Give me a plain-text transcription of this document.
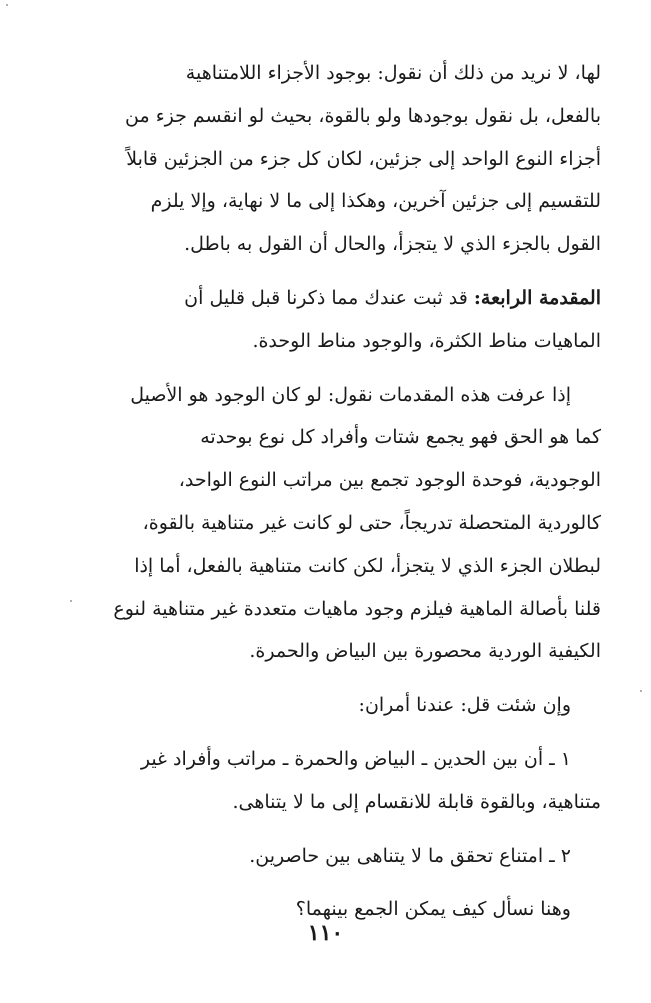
لها، لا نريد من ذلك أن نقول: بوجود الأجزاء اللامتناهية
بالفعل، بل نقول بوجودها ولو بالقوة، بحيث لو انقسم جزء من
أجزاء النوع الواحد إلى جزئين، لكان كل جزء من الجزئين قابلاً
للتقسيم إلى جزئين آخرين، وهكذا إلى ما لا نهاية، وإلا يلزم
القول بالجزء الذي لا يتجزأ، والحال أن القول به باطل.
المقدمة الرابعة: قد ثبت عندك مما ذكرنا قبل قليل أن
الماهيات مناط الكثرة، والوجود مناط الوحدة.
إذا عرفت هذه المقدمات نقول: لو كان الوجود هو الأصيل
كما هو الحق فهو يجمع شتات وأفراد كل نوع بوحدته
الوجودية، فوحدة الوجود تجمع بين مراتب النوع الواحد،
كالوردية المتحصلة تدريجاً، حتى لو كانت غير متناهية بالقوة،
لبطلان الجزء الذي لا يتجزأ، لكن كانت متناهية بالفعل، أما إذا
قلنا بأصالة الماهية فيلزم وجود ماهيات متعددة غير متناهية لنوع
الكيفية الوردية محصورة بين البياض والحمرة.
وإن شئت قل: عندنا أمران:
١ ـ أن بين الحدين ـ البياض والحمرة ـ مراتب وأفراد غير
متناهية، وبالقوة قابلة للانقسام إلى ما لا يتناهى.
٢ ـ امتناع تحقق ما لا يتناهى بين حاصرين.
وهنا نسأل كيف يمكن الجمع بينهما؟
١١٠
